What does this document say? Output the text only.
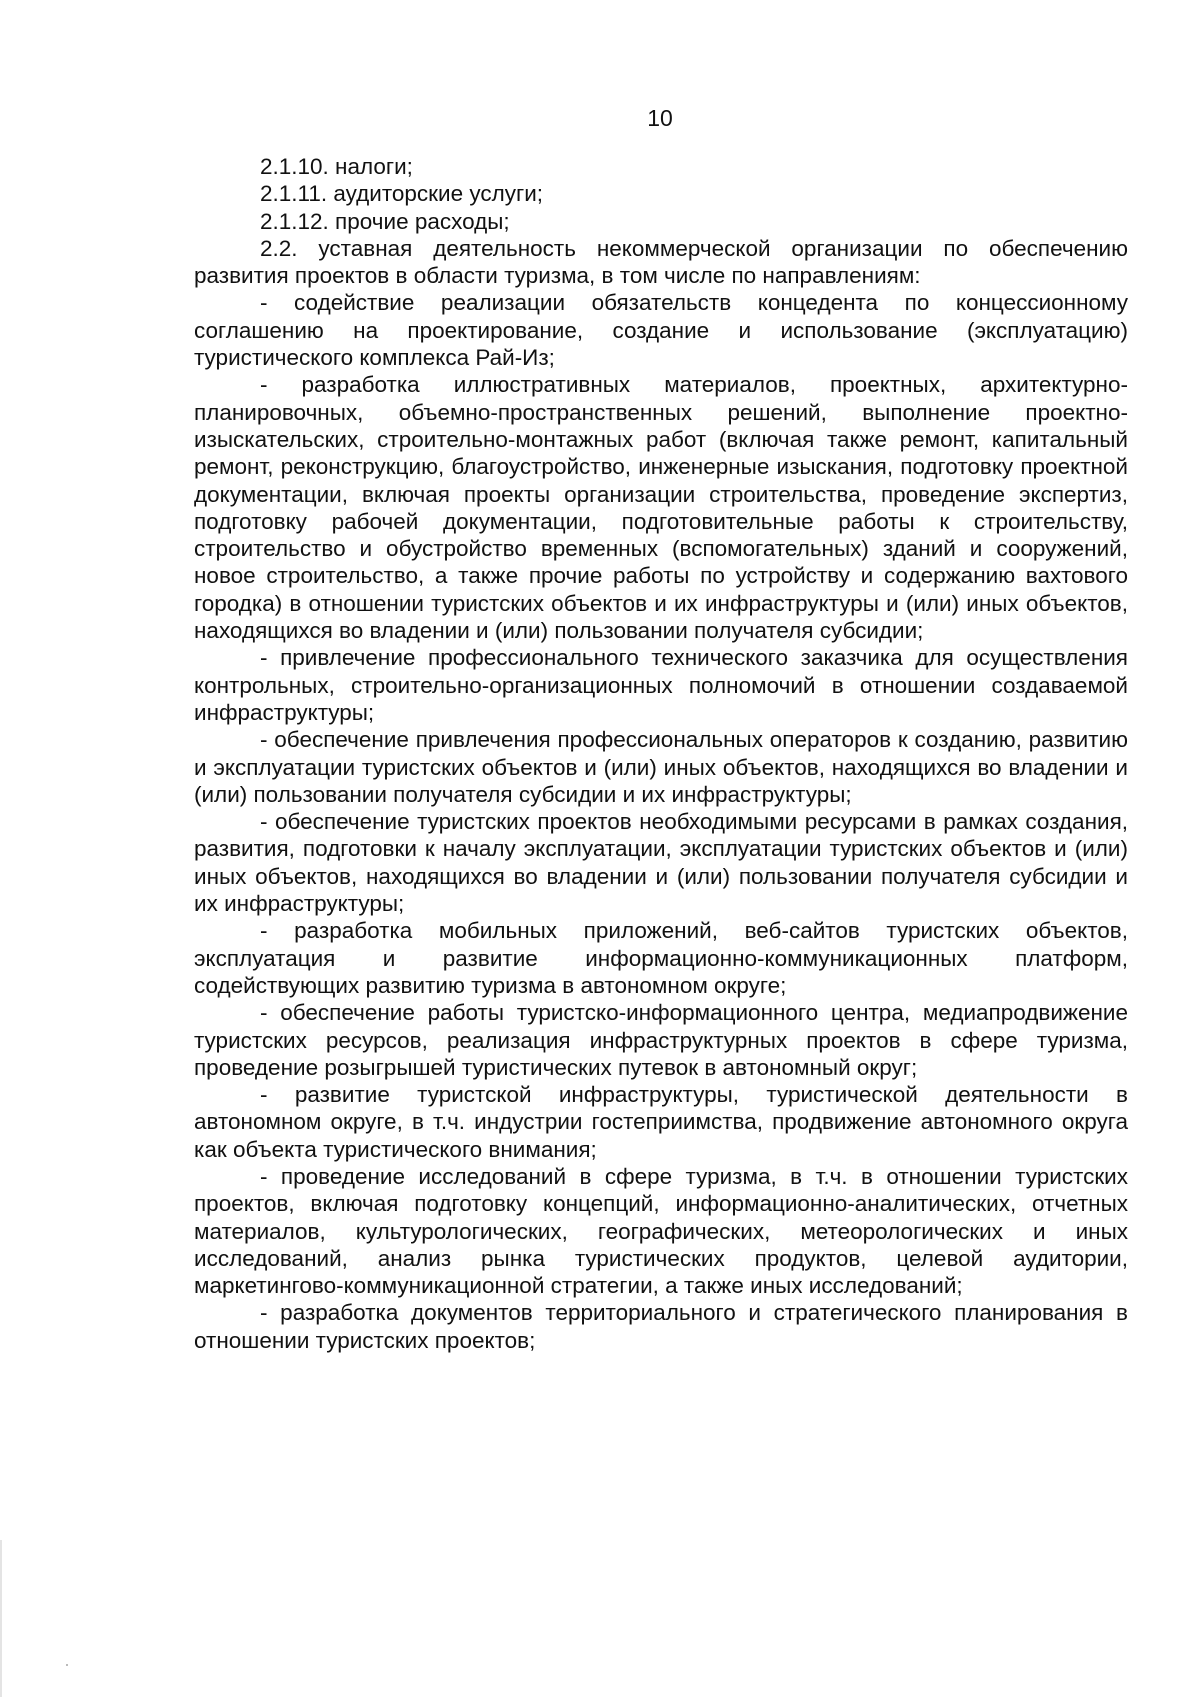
10

2.1.10. налоги;

2.1.11. аудиторские услуги;

2.1.12. прочие расходы;

2.2. уставная деятельность некоммерческой организации по обеспечению развития проектов в области туризма, в том числе по направлениям:

- содействие реализации обязательств концедента по концессионному соглашению на проектирование, создание и использование (эксплуатацию) туристического комплекса Рай-Из;

- разработка иллюстративных материалов, проектных, архитектурно-планировочных, объемно-пространственных решений, выполнение проектно-изыскательских, строительно-монтажных работ (включая также ремонт, капитальный ремонт, реконструкцию, благоустройство, инженерные изыскания, подготовку проектной документации, включая проекты организации строительства, проведение экспертиз, подготовку рабочей документации, подготовительные работы к строительству, строительство и обустройство временных (вспомогательных) зданий и сооружений, новое строительство, а также прочие работы по устройству и содержанию вахтового городка) в отношении туристских объектов и их инфраструктуры и (или) иных объектов, находящихся во владении и (или) пользовании получателя субсидии;

- привлечение профессионального технического заказчика для осуществления контрольных, строительно-организационных полномочий в отношении создаваемой инфраструктуры;

- обеспечение привлечения профессиональных операторов к созданию, развитию и эксплуатации туристских объектов и (или) иных объектов, находящихся во владении и (или) пользовании получателя субсидии и их инфраструктуры;

- обеспечение туристских проектов необходимыми ресурсами в рамках создания, развития, подготовки к началу эксплуатации, эксплуатации туристских объектов и (или) иных объектов, находящихся во владении и (или) пользовании получателя субсидии и их инфраструктуры;

- разработка мобильных приложений, веб-сайтов туристских объектов, эксплуатация и развитие информационно-коммуникационных платформ, содействующих развитию туризма в автономном округе;

- обеспечение работы туристско-информационного центра, медиапродвижение туристских ресурсов, реализация инфраструктурных проектов в сфере туризма, проведение розыгрышей туристических путевок в автономный округ;

- развитие туристской инфраструктуры, туристической деятельности в автономном округе, в т.ч. индустрии гостеприимства, продвижение автономного округа как объекта туристического внимания;

- проведение исследований в сфере туризма, в т.ч. в отношении туристских проектов, включая подготовку концепций, информационно-аналитических, отчетных материалов, культурологических, географических, метеорологических и иных исследований, анализ рынка туристических продуктов, целевой аудитории, маркетингово-коммуникационной стратегии, а также иных исследований;

- разработка документов территориального и стратегического планирования в отношении туристских проектов;
